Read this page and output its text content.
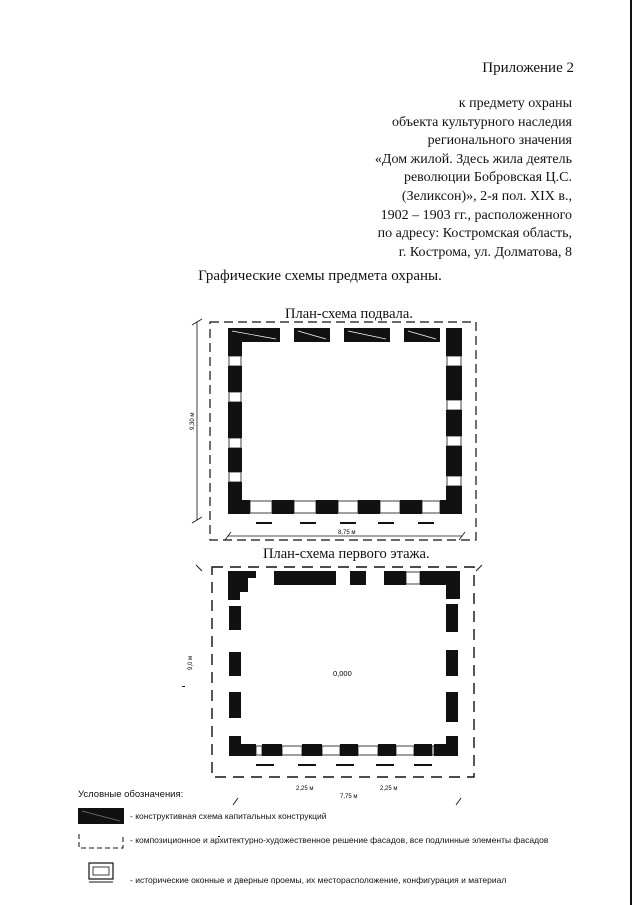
Приложение 2
к предмету охраны
объекта культурного наследия
регионального значения
«Дом жилой. Здесь жила деятель
революции Бобровская Ц.С.
(Зеликсон)», 2-я пол. XIX в.,
1902 – 1903 гг., расположенного
по адресу: Костромская область,
г. Кострома, ул. Долматова, 8
Графические схемы предмета охраны.
План-схема подвала.
План-схема первого этажа.
9,30 м
8,75 м
0,000
9,0 м
2,25 м
7,75 м
2,25 м
Условные обозначения:
- конструктивная схема капитальных конструкций
- композиционное и архитектурно-художественное решение фасадов, все подлинные элементы фасадов
- исторические оконные и дверные проемы, их месторасположение, конфигурация и материал
